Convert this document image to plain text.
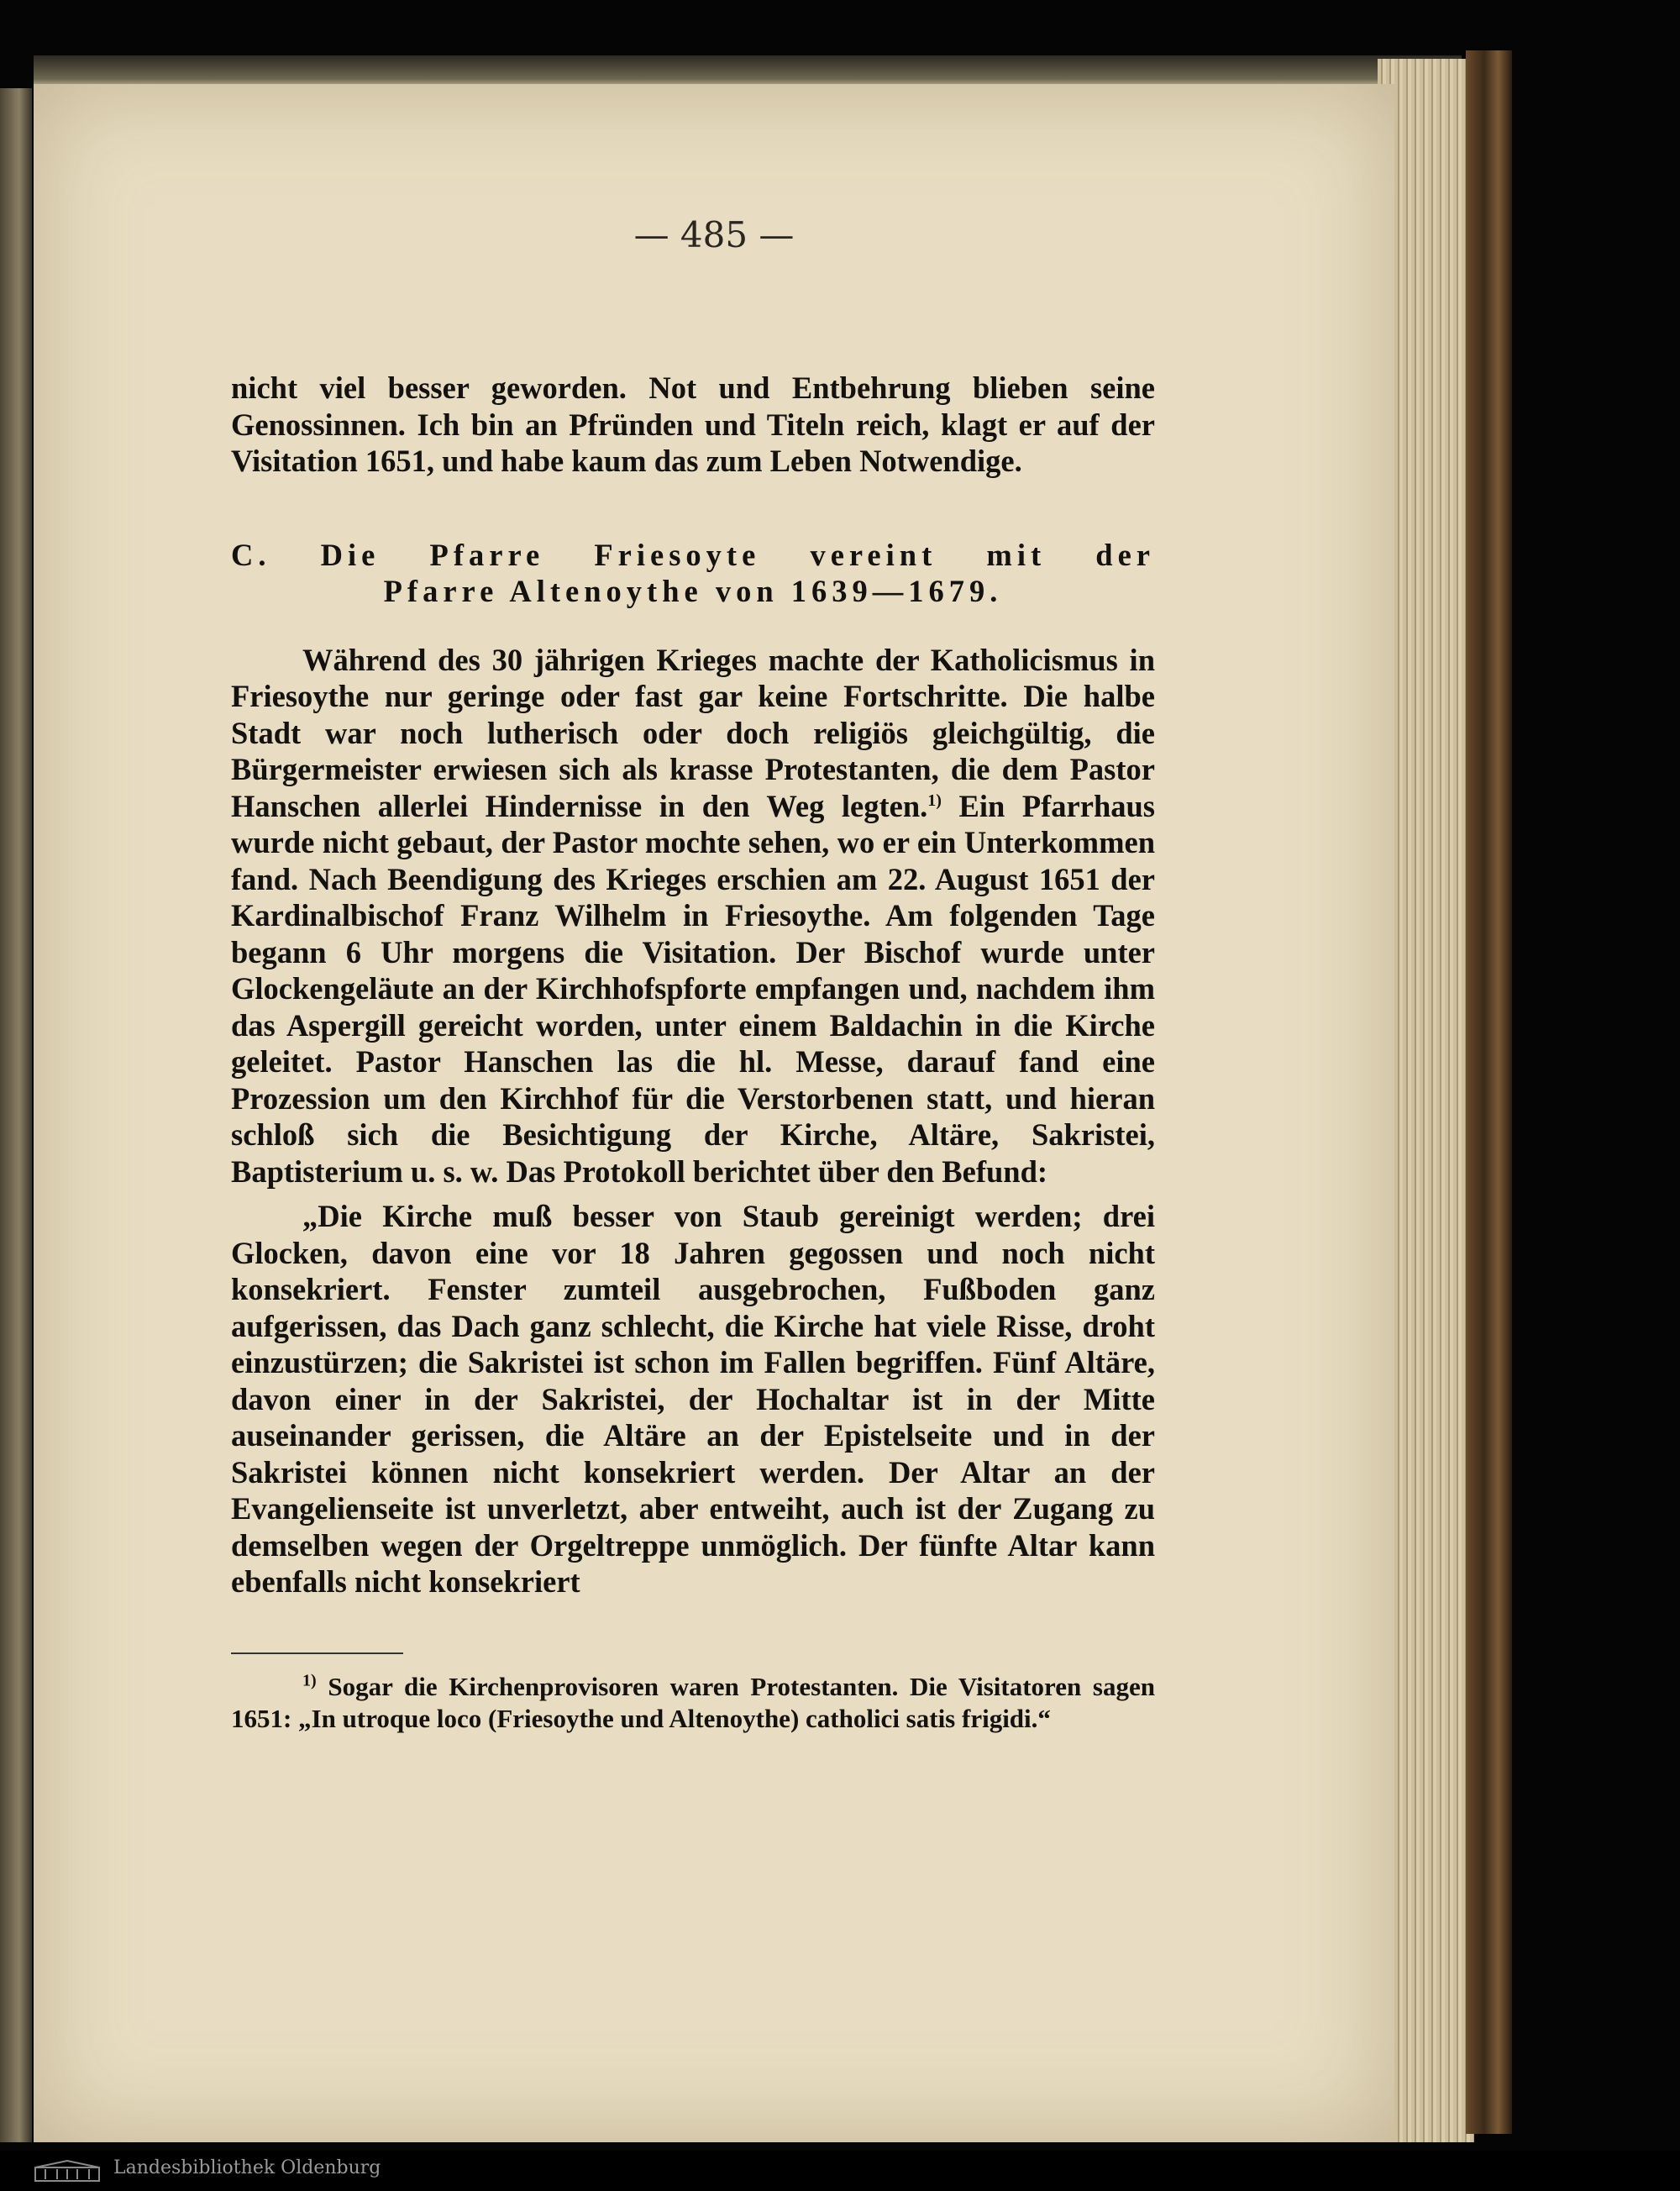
— 485 —

nicht viel besser geworden. Not und Entbehrung blieben seine Genossinnen. Ich bin an Pfründen und Titeln reich, klagt er auf der Visitation 1651, und habe kaum das zum Leben Notwendige.

C. Die Pfarre Friesoyte vereint mit der
Pfarre Altenoythe von 1639—1679.

Während des 30 jährigen Krieges machte der Katholicismus in Friesoythe nur geringe oder fast gar keine Fortschritte. Die halbe Stadt war noch lutherisch oder doch religiös gleichgültig, die Bürgermeister erwiesen sich als krasse Protestanten, die dem Pastor Hanschen allerlei Hindernisse in den Weg legten.$^{1)}$ Ein Pfarrhaus wurde nicht gebaut, der Pastor mochte sehen, wo er ein Unterkommen fand. Nach Beendigung des Krieges erschien am 22. August 1651 der Kardinalbischof Franz Wilhelm in Friesoythe. Am folgenden Tage begann 6 Uhr morgens die Visitation. Der Bischof wurde unter Glockengeläute an der Kirchhofspforte empfangen und, nachdem ihm das Aspergill gereicht worden, unter einem Baldachin in die Kirche geleitet. Pastor Hanschen las die hl. Messe, darauf fand eine Prozession um den Kirchhof für die Verstorbenen statt, und hieran schloß sich die Besichtigung der Kirche, Altäre, Sakristei, Baptisterium u. s. w. Das Protokoll berichtet über den Befund:

„Die Kirche muß besser von Staub gereinigt werden; drei Glocken, davon eine vor 18 Jahren gegossen und noch nicht konsekriert. Fenster zumteil ausgebrochen, Fußboden ganz aufgerissen, das Dach ganz schlecht, die Kirche hat viele Risse, droht einzustürzen; die Sakristei ist schon im Fallen begriffen. Fünf Altäre, davon einer in der Sakristei, der Hochaltar ist in der Mitte auseinander gerissen, die Altäre an der Epistelseite und in der Sakristei können nicht konsekriert werden. Der Altar an der Evangelienseite ist unverletzt, aber entweiht, auch ist der Zugang zu demselben wegen der Orgeltreppe unmöglich. Der fünfte Altar kann ebenfalls nicht konsekriert

$^{1)}$ Sogar die Kirchenprovisoren waren Protestanten. Die Visitatoren sagen 1651: „In utroque loco (Friesoythe und Altenoythe) catholici satis frigidi.“

Landesbibliothek Oldenburg
